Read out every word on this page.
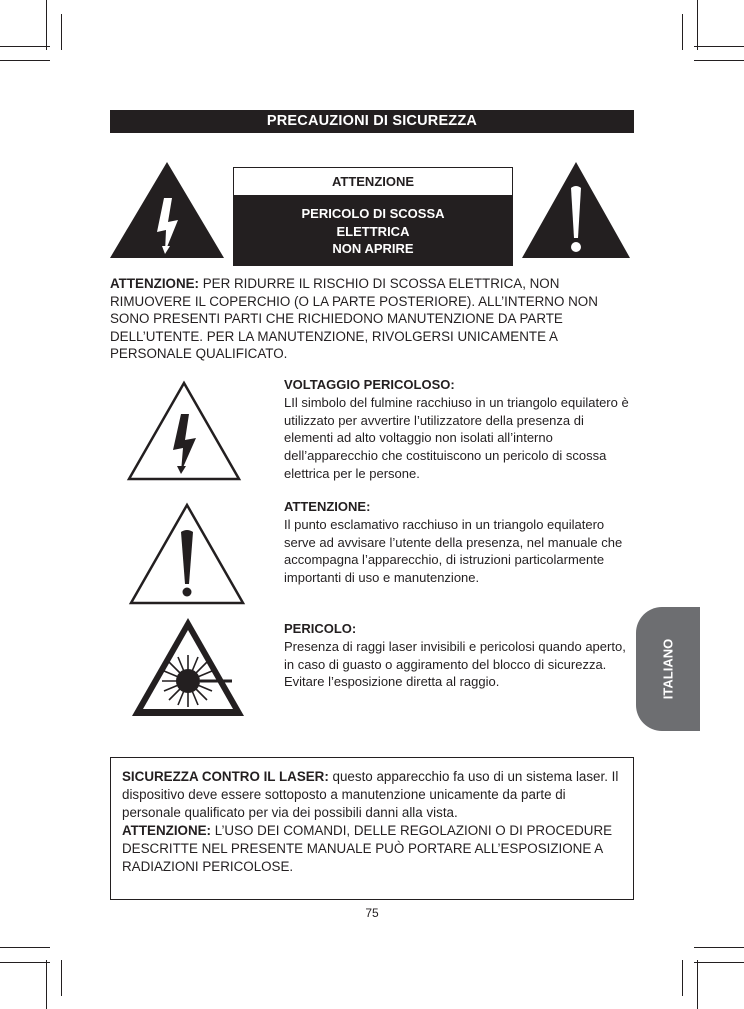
PRECAUZIONI DI SICUREZZA
ATTENZIONE
PERICOLO DI SCOSSA
ELETTRICA
NON APRIRE
ATTENZIONE: PER RIDURRE IL RISCHIO DI SCOSSA ELETTRICA, NON RIMUOVERE IL COPERCHIO (O LA PARTE POSTERIORE). ALL’INTERNO NON SONO PRESENTI PARTI CHE RICHIEDONO MANUTENZIONE DA PARTE DELL’UTENTE. PER LA MANUTENZIONE, RIVOLGERSI UNICAMENTE A PERSONALE QUALIFICATO.
VOLTAGGIO PERICOLOSO:
LIl simbolo del fulmine racchiuso in un triangolo equilatero è utilizzato per avvertire l’utilizzatore della presenza di elementi ad alto voltaggio non isolati all’interno dell’apparecchio che costituiscono un pericolo di scossa elettrica per le persone.
ATTENZIONE:
Il punto esclamativo racchiuso in un triangolo equilatero serve ad avvisare l’utente della presenza, nel manuale che accompagna l’apparecchio, di istruzioni particolarmente importanti di uso e manutenzione.
PERICOLO:
Presenza di raggi laser invisibili e pericolosi quando aperto, in caso di guasto o aggiramento del blocco di sicurezza. Evitare l’esposizione diretta al raggio.	ITALIANO
SICUREZZA CONTRO IL LASER: questo apparecchio fa uso di un sistema laser. Il dispositivo deve essere sottoposto a manutenzione unicamente da parte di personale qualificato per via dei possibili danni alla vista.
ATTENZIONE: L’USO DEI COMANDI, DELLE REGOLAZIONI O DI PROCEDURE DESCRITTE NEL PRESENTE MANUALE PUÒ PORTARE ALL’ESPOSIZIONE A RADIAZIONI PERICOLOSE.
75
